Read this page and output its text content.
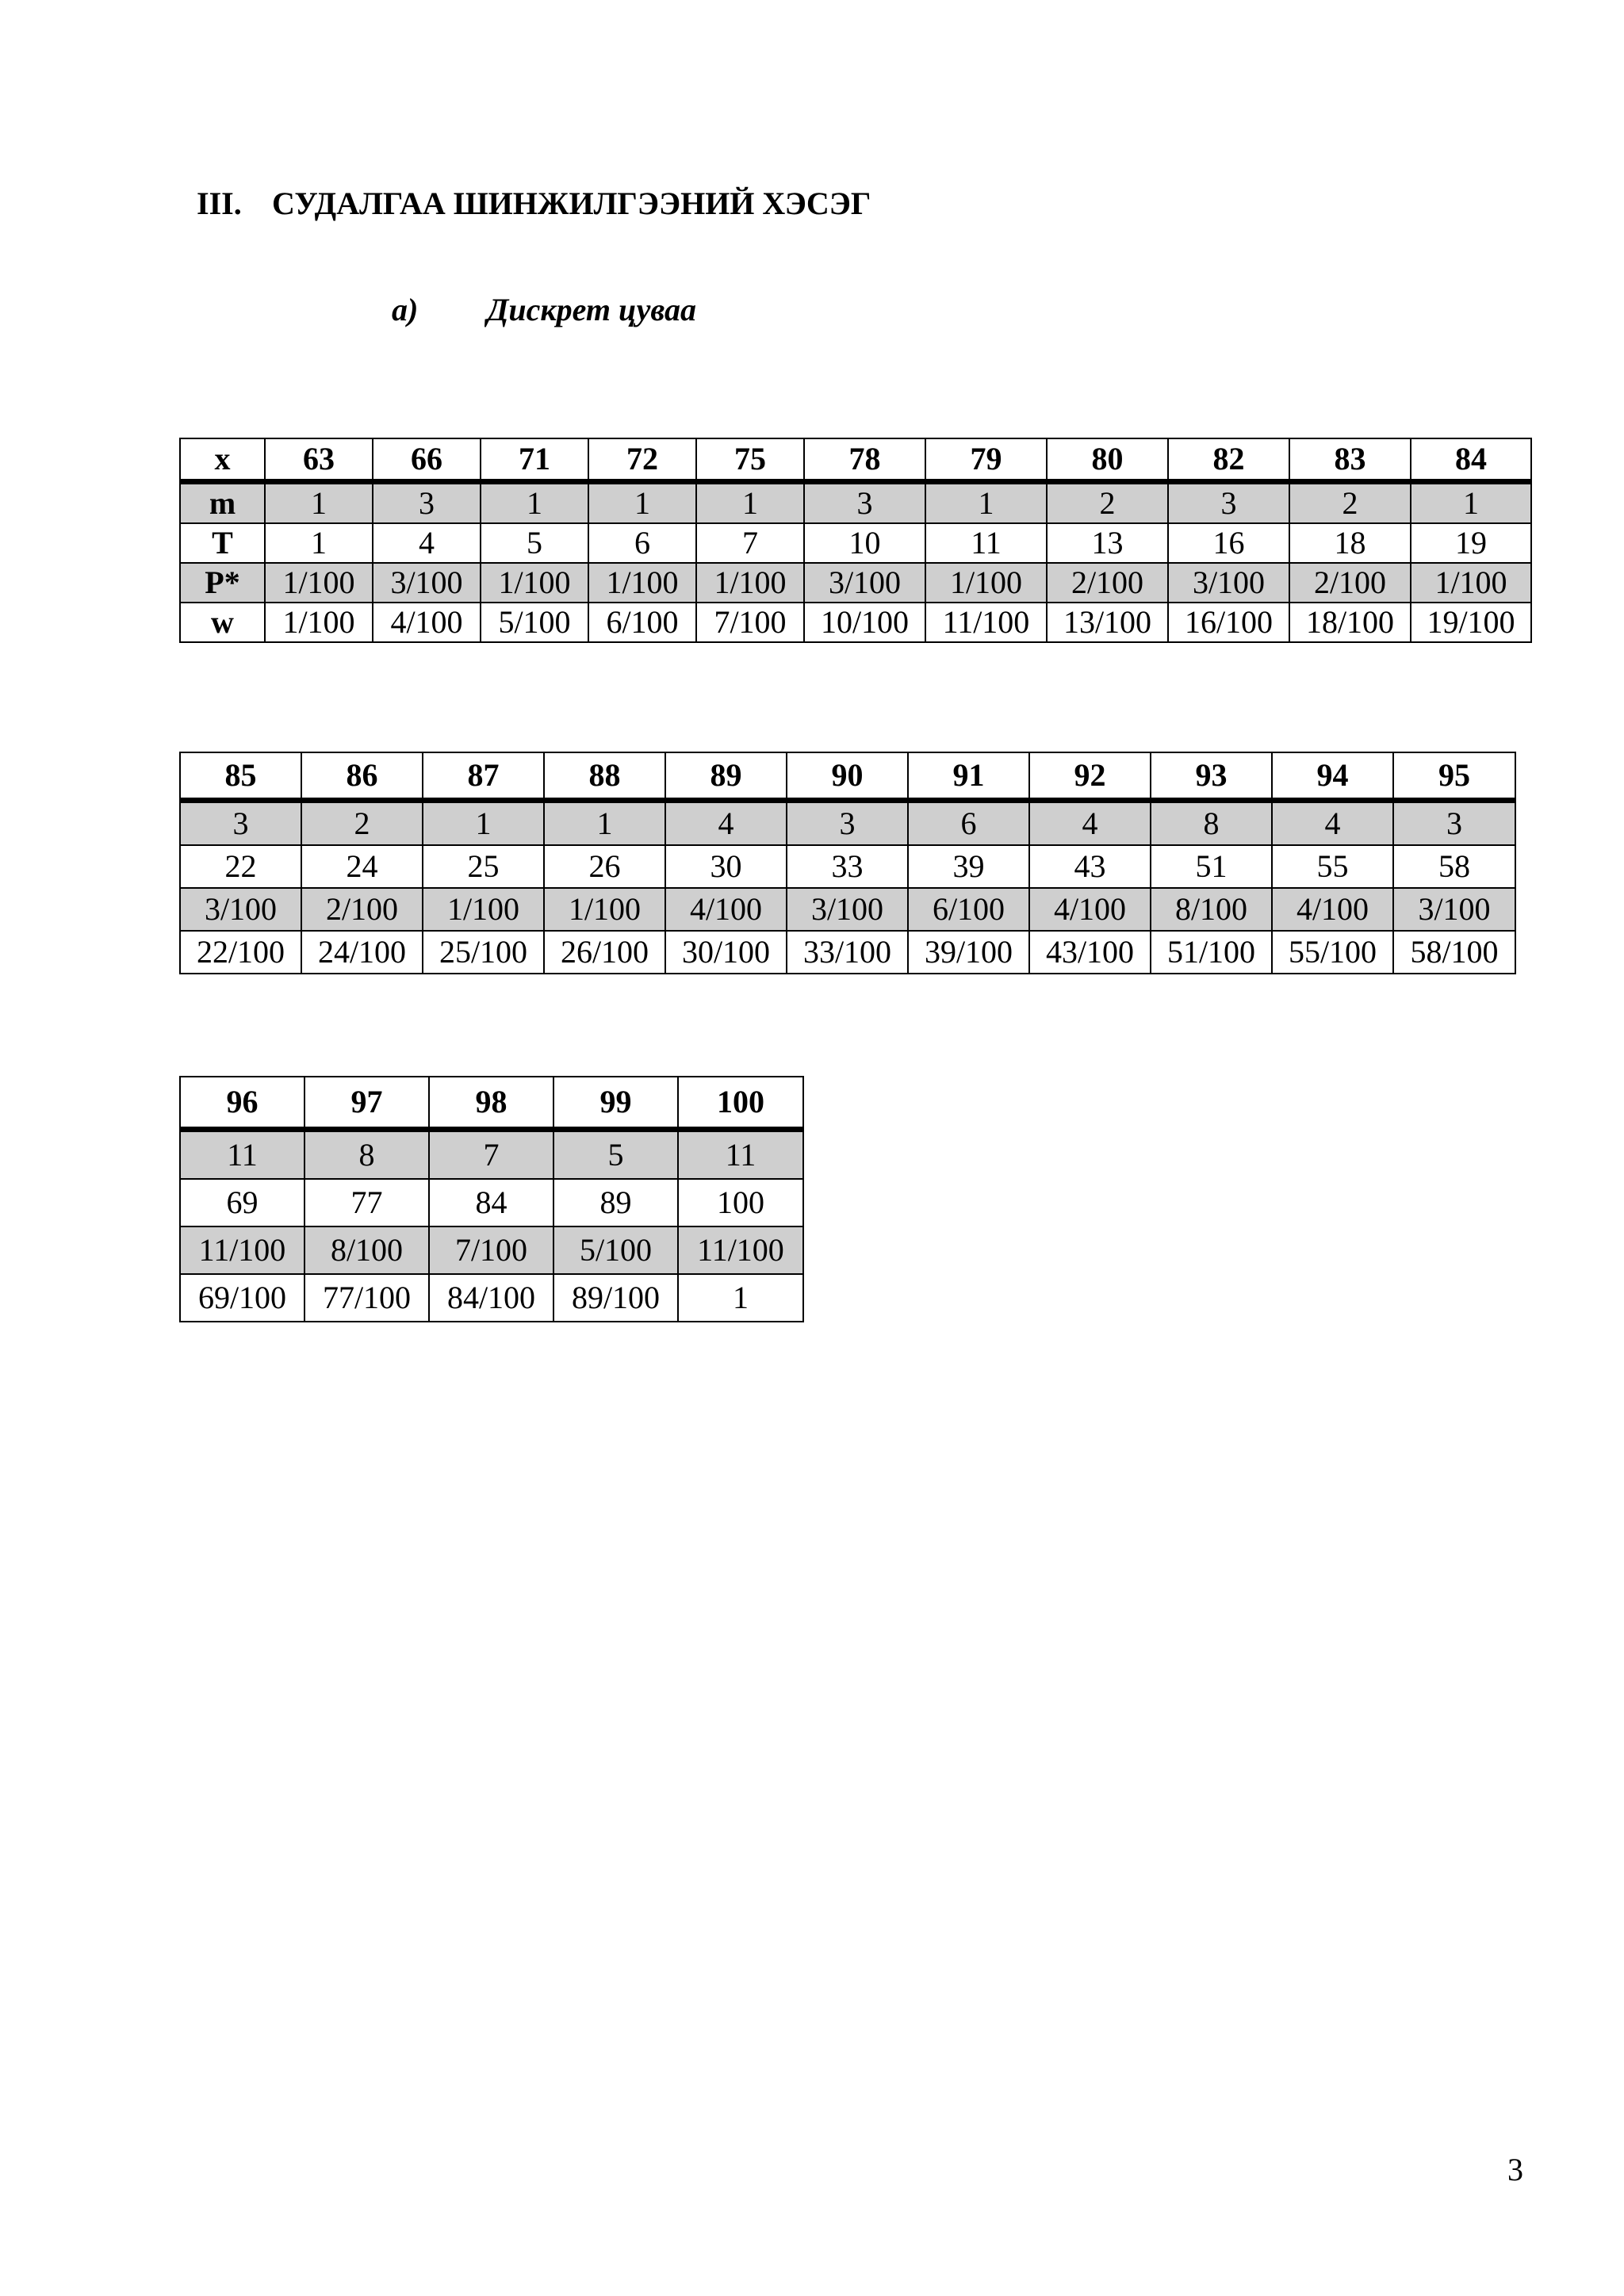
III. СУДАЛГАА ШИНЖИЛГЭЭНИЙ ХЭСЭГ
a) Дискрет цуваа
x	63	66	71	72	75	78	79	80	82	83	84
m	1	3	1	1	1	3	1	2	3	2	1
T	1	4	5	6	7	10	11	13	16	18	19
P*	1/100	3/100	1/100	1/100	1/100	3/100	1/100	2/100	3/100	2/100	1/100
w	1/100	4/100	5/100	6/100	7/100	10/100	11/100	13/100	16/100	18/100	19/100
85	86	87	88	89	90	91	92	93	94	95
3	2	1	1	4	3	6	4	8	4	3
22	24	25	26	30	33	39	43	51	55	58
3/100	2/100	1/100	1/100	4/100	3/100	6/100	4/100	8/100	4/100	3/100
22/100	24/100	25/100	26/100	30/100	33/100	39/100	43/100	51/100	55/100	58/100
96	97	98	99	100
11	8	7	5	11
69	77	84	89	100
11/100	8/100	7/100	5/100	11/100
69/100	77/100	84/100	89/100	1
3
